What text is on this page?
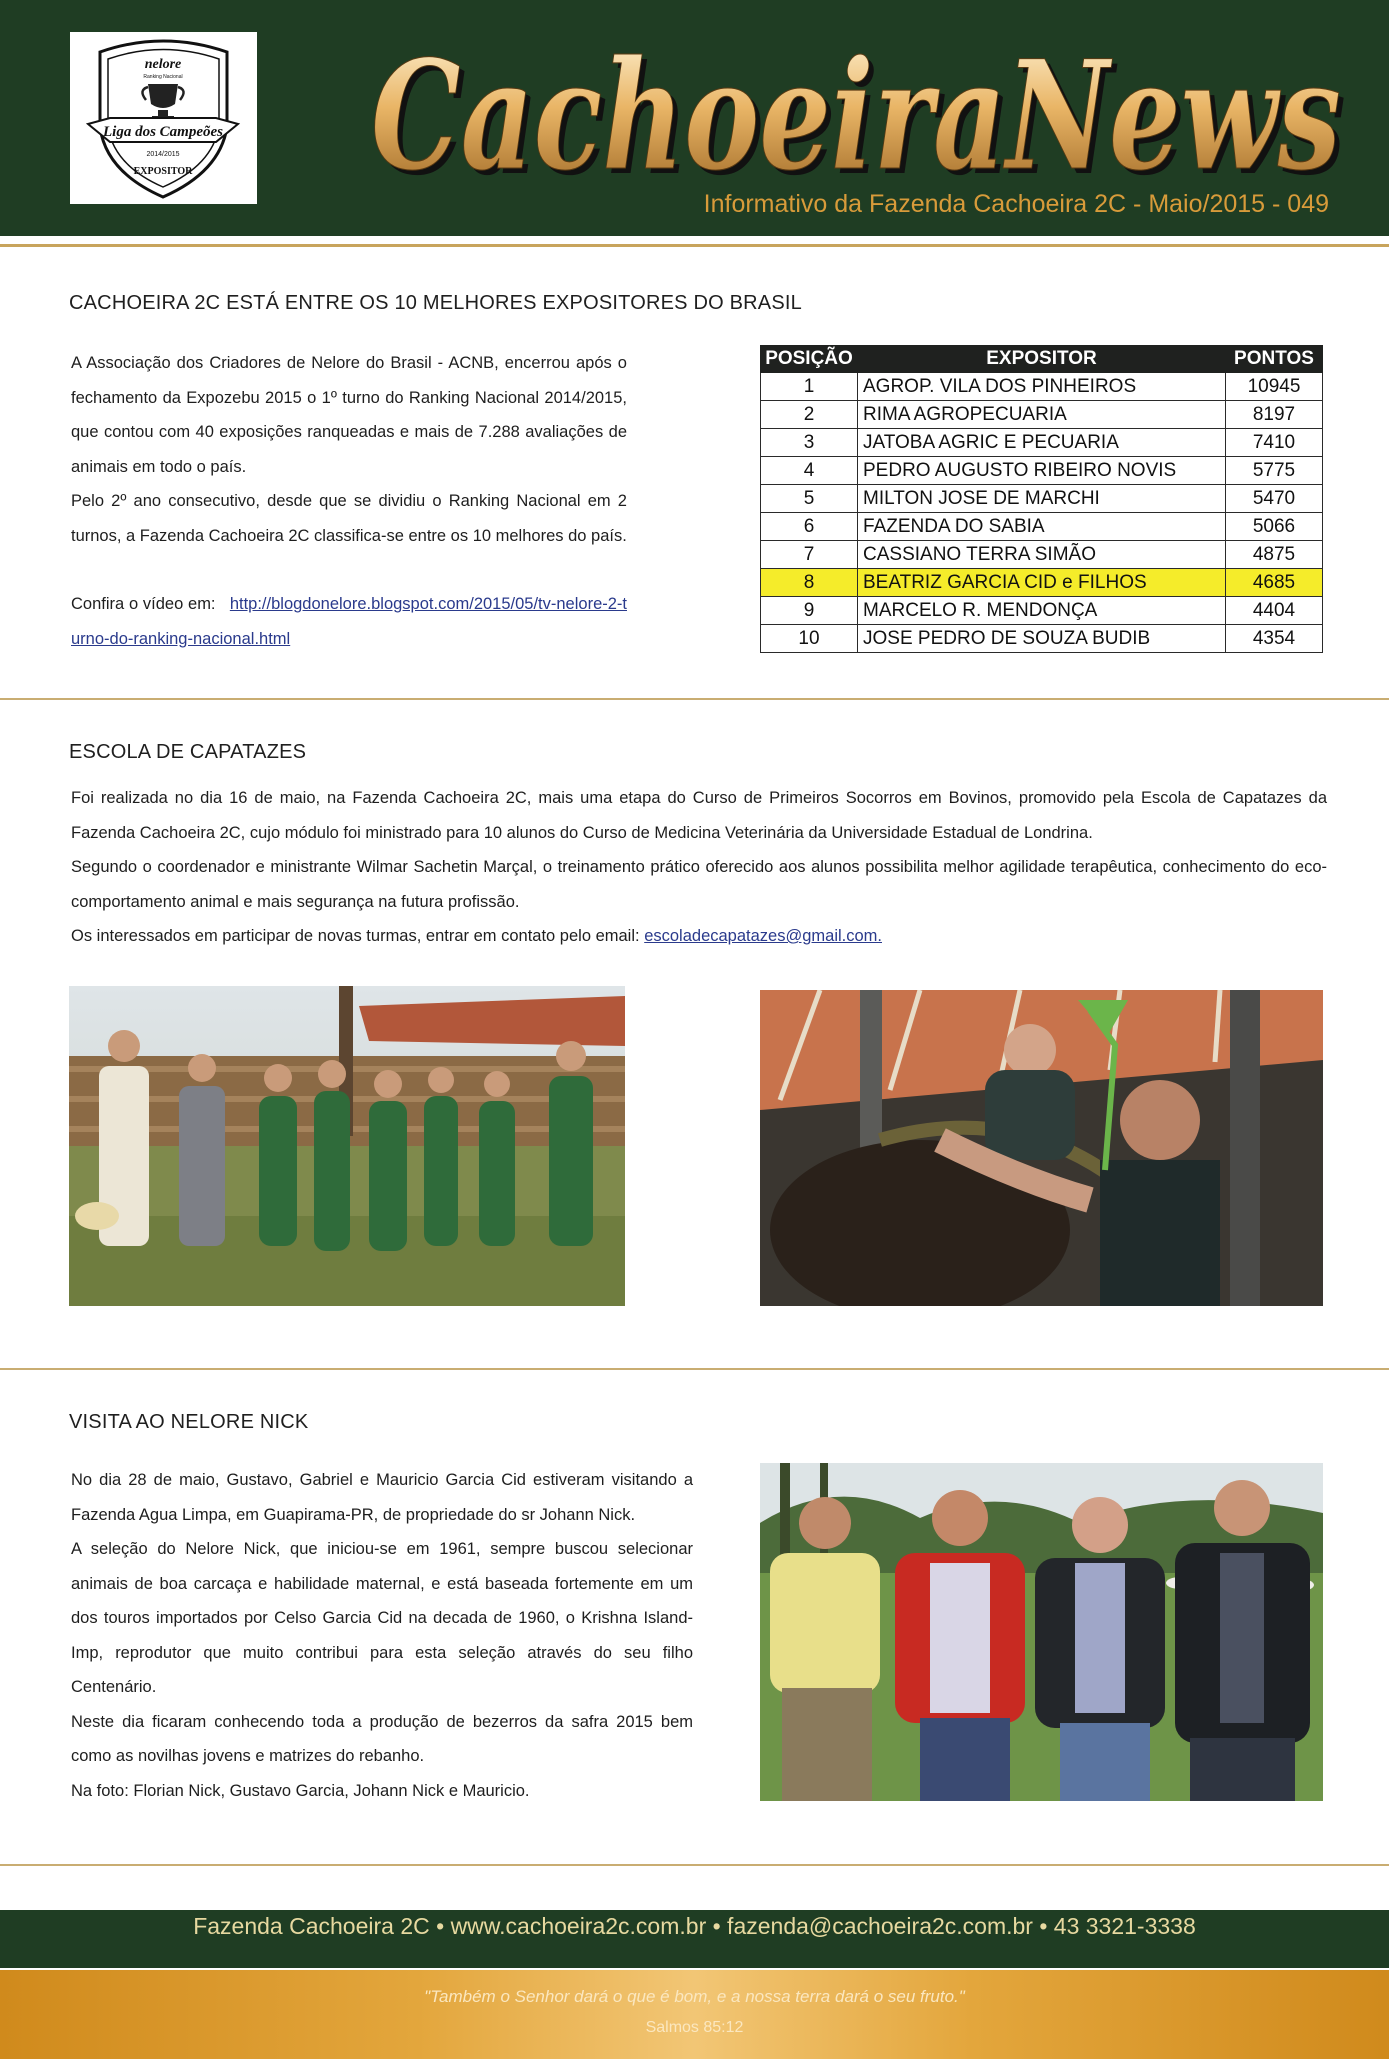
nelore
Ranking Nacional
Liga dos Campeões
2014/2015
EXPOSITOR CachoeiraNews
CachoeiraNews
Informativo da Fazenda Cachoeira 2C - Maio/2015 - 049
CACHOEIRA 2C ESTÁ ENTRE OS 10 MELHORES EXPOSITORES DO BRASIL

A Associação dos Criadores de Nelore do Brasil - ACNB, encerrou após o fechamento da Expozebu 2015 o 1º turno do Ranking Nacional 2014/2015, que contou com 40 exposições ranqueadas e mais de 7.288 avaliações de animais em todo o país.

Pelo 2º ano consecutivo, desde que se dividiu o Ranking Nacional em 2 turnos, a Fazenda Cachoeira 2C classifica-se entre os 10 melhores do país.

Confira o vídeo em: http://blogdonelore.blogspot.com/2015/05/tv-nelore-2-turno-do-ranking-nacional.html

POSIÇÃO	EXPOSITOR	PONTOS
1	AGROP. VILA DOS PINHEIROS	10945
2	RIMA AGROPECUARIA	8197
3	JATOBA AGRIC E PECUARIA	7410
4	PEDRO AUGUSTO RIBEIRO NOVIS	5775
5	MILTON JOSE DE MARCHI	5470
6	FAZENDA DO SABIA	5066
7	CASSIANO TERRA SIMÃO	4875
8	BEATRIZ GARCIA CID e FILHOS	4685
9	MARCELO R. MENDONÇA	4404
10	JOSE PEDRO DE SOUZA BUDIB	4354
ESCOLA DE CAPATAZES

Foi realizada no dia 16 de maio, na Fazenda Cachoeira 2C, mais uma etapa do Curso de Primeiros Socorros em Bovinos, promovido pela Escola de Capatazes da Fazenda Cachoeira 2C, cujo módulo foi ministrado para 10 alunos do Curso de Medicina Veterinária da Universidade Estadual de Londrina.

Segundo o coordenador e ministrante Wilmar Sachetin Marçal, o treinamento prático oferecido aos alunos possibilita melhor agilidade terapêutica, conhecimento do eco-comportamento animal e mais segurança na futura profissão.

Os interessados em participar de novas turmas, entrar em contato pelo email: escoladecapatazes@gmail.com.

VISITA AO NELORE NICK

No dia 28 de maio, Gustavo, Gabriel e Mauricio Garcia Cid estiveram visitando a Fazenda Agua Limpa, em Guapirama-PR, de propriedade do sr Johann Nick.

A seleção do Nelore Nick, que iniciou-se em 1961, sempre buscou selecionar animais de boa carcaça e habilidade maternal, e está baseada fortemente em um dos touros importados por Celso Garcia Cid na decada de 1960, o Krishna Island-Imp, reprodutor que muito contribui para esta seleção através do seu filho Centenário.

Neste dia ficaram conhecendo toda a produção de bezerros da safra 2015 bem como as novilhas jovens e matrizes do rebanho.

Na foto: Florian Nick, Gustavo Garcia, Johann Nick e Mauricio.

Fazenda Cachoeira 2C • www.cachoeira2c.com.br • fazenda@cachoeira2c.com.br • 43 3321-3338
"Também o Senhor dará o que é bom, e a nossa terra dará o seu fruto."
Salmos 85:12
